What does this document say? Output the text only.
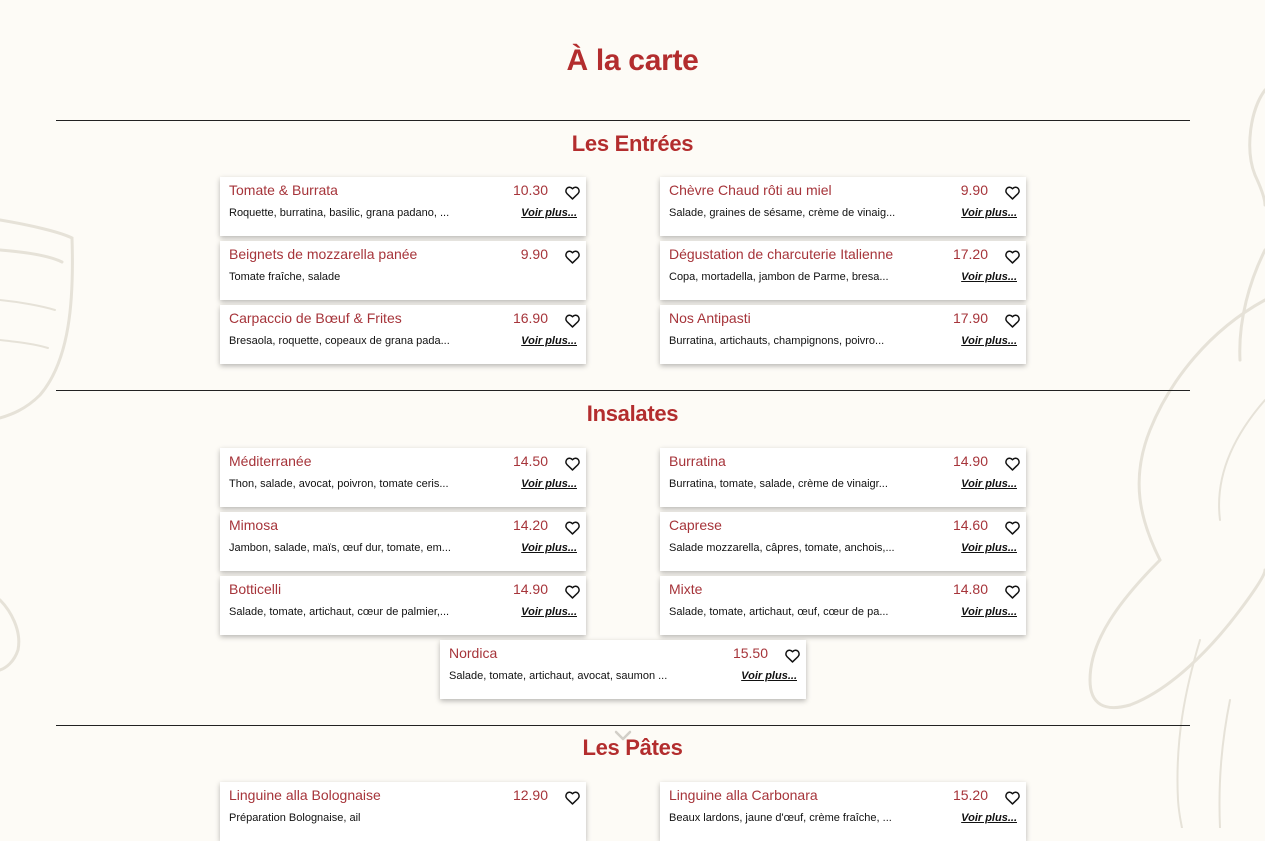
À la carte
Les Entrées
Tomate & Burrata	10.30
Roquette, burratina, basilic, grana padano, ...	Voir plus...
Chèvre Chaud rôti au miel	9.90
Salade, graines de sésame, crème de vinaig...	Voir plus...
Beignets de mozzarella panée	9.90
Tomate fraîche, salade
Dégustation de charcuterie Italienne	17.20
Copa, mortadella, jambon de Parme, bresa...	Voir plus...
Carpaccio de Bœuf & Frites	16.90
Bresaola, roquette, copeaux de grana pada...	Voir plus...
Nos Antipasti	17.90
Burratina, artichauts, champignons, poivro...	Voir plus...
Insalates
Méditerranée	14.50
Thon, salade, avocat, poivron, tomate ceris...	Voir plus...
Burratina	14.90
Burratina, tomate, salade, crème de vinaigr...	Voir plus...
Mimosa	14.20
Jambon, salade, maïs, œuf dur, tomate, em...	Voir plus...
Caprese	14.60
Salade mozzarella, câpres, tomate, anchois,...	Voir plus...
Botticelli	14.90
Salade, tomate, artichaut, cœur de palmier,...	Voir plus...
Mixte	14.80
Salade, tomate, artichaut, œuf, cœur de pa...	Voir plus...
Nordica	15.50
Salade, tomate, artichaut, avocat, saumon ...	Voir plus...
Les Pâtes
Linguine alla Bolognaise	12.90
Préparation Bolognaise, ail
Linguine alla Carbonara	15.20
Beaux lardons, jaune d'œuf, crème fraîche, ...	Voir plus...
